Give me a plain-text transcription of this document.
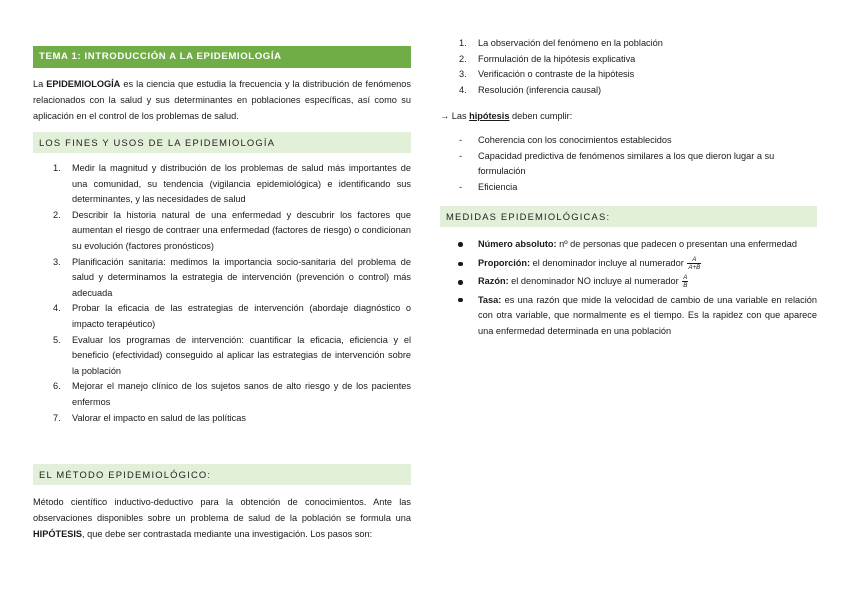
TEMA 1: INTRODUCCIÓN A LA EPIDEMIOLOGÍA

La EPIDEMIOLOGÍA es la ciencia que estudia la frecuencia y la distribución de fenómenos relacionados con la salud y sus determinantes en poblaciones específicas, así como su aplicación en el control de los problemas de salud.

LOS FINES Y USOS DE LA EPIDEMIOLOGÍA
1. Medir la magnitud y distribución de los problemas de salud más importantes de una comunidad, su tendencia (vigilancia epidemiológica) e identificando sus determinantes, y las necesidades de salud
2. Describir la historia natural de una enfermedad y descubrir los factores que aumentan el riesgo de contraer una enfermedad (factores de riesgo) o condicionan su evolución (factores pronósticos)
3. Planificación sanitaria: medimos la importancia socio-sanitaria del problema de salud y determinamos la estrategia de intervención (prevención o control) más adecuada
4. Probar la eficacia de las estrategias de intervención (abordaje diagnóstico o impacto terapéutico)
5. Evaluar los programas de intervención: cuantificar la eficacia, eficiencia y el beneficio (efectividad) conseguido al aplicar las estrategias de intervención sobre la población
6. Mejorar el manejo clínico de los sujetos sanos de alto riesgo y de los pacientes enfermos
7. Valorar el impacto en salud de las políticas
EL MÉTODO EPIDEMIOLÓGICO:

Método científico inductivo-deductivo para la obtención de conocimientos. Ante las observaciones disponibles sobre un problema de salud de la población se formula una HIPÓTESIS, que debe ser contrastada mediante una investigación. Los pasos son:

1. La observación del fenómeno en la población
2. Formulación de la hipótesis explicativa
3. Verificación o contraste de la hipótesis
4. Resolución (inferencia causal)

→ Las hipótesis deben cumplir:

- Coherencia con los conocimientos establecidos
- Capacidad predictiva de fenómenos similares a los que dieron lugar a su formulación
- Eficiencia
MEDIDAS EPIDEMIOLÓGICAS:
Número absoluto: nº de personas que padecen o presentan una enfermedad
Proporción: el denominador incluye al numerador $\frac{A}{A+B}$
Razón: el denominador NO incluye al numerador $\frac{A}{B}$
Tasa: es una razón que mide la velocidad de cambio de una variable en relación con otra variable, que normalmente es el tiempo. Es la rapidez con que aparece una enfermedad determinada en una población
